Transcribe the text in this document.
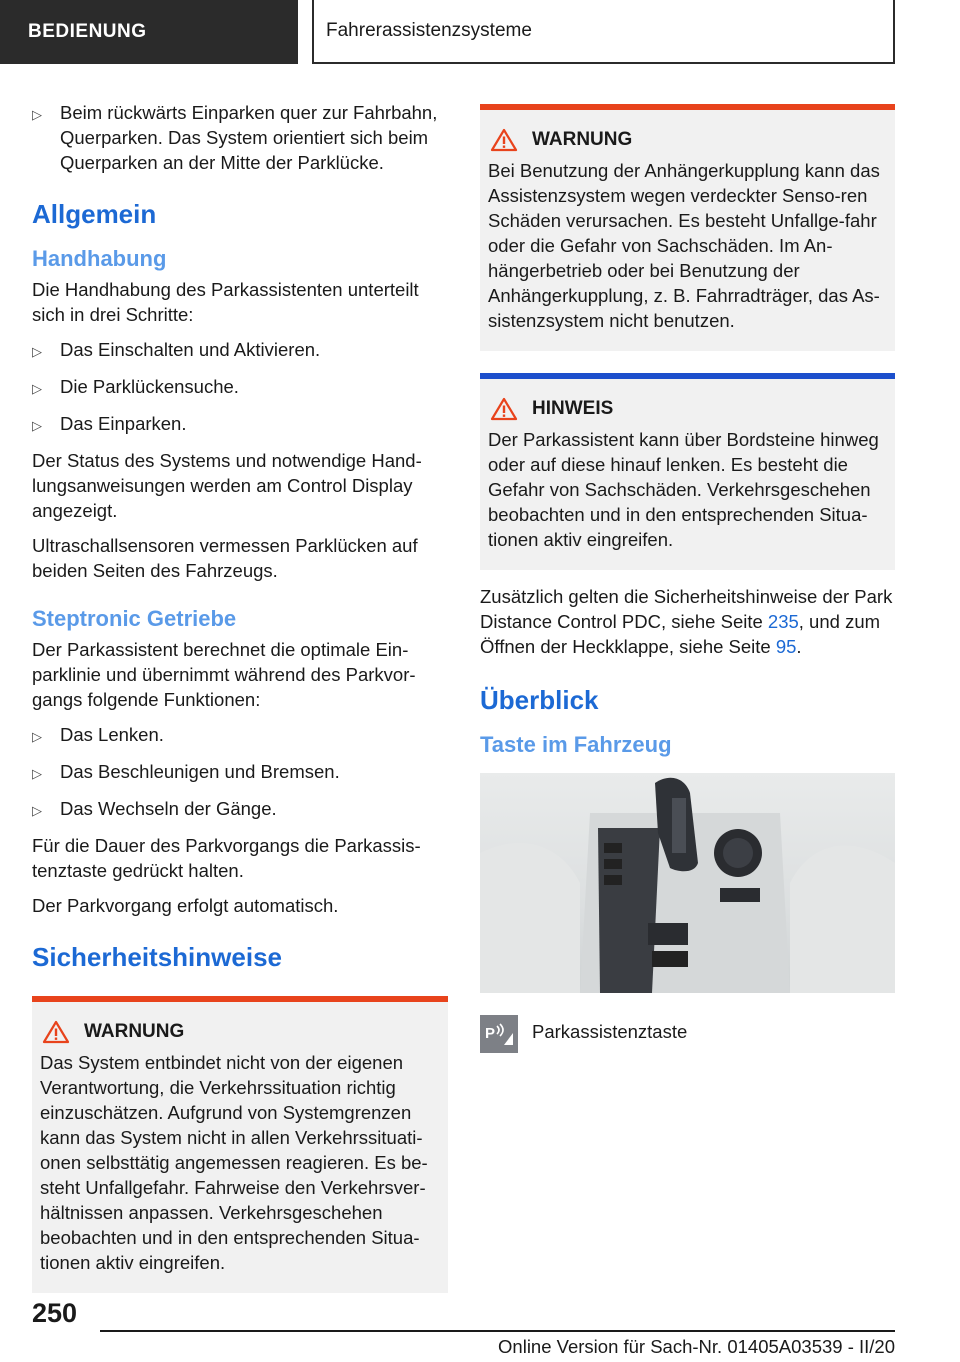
BEDIENUNG	Fahrerassistenzsysteme
▷ Beim rückwärts Einparken quer zur Fahrbahn, Querparken. Das System orientiert sich beim Querparken an der Mitte der Parklücke.
Allgemein
Handhabung

Die Handhabung des Parkassistenten unterteilt sich in drei Schritte:

▷ Das Einschalten und Aktivieren.
▷ Die Parklückensuche.
▷ Das Einparken.

Der Status des Systems und notwendige Hand-lungsanweisungen werden am Control Display angezeigt.

Ultraschallsensoren vermessen Parklücken auf beiden Seiten des Fahrzeugs.

Steptronic Getriebe

Der Parkassistent berechnet die optimale Ein-parklinie und übernimmt während des Parkvor-gangs folgende Funktionen:

▷ Das Lenken.
▷ Das Beschleunigen und Bremsen.
▷ Das Wechseln der Gänge.

Für die Dauer des Parkvorgangs die Parkassis-tenztaste gedrückt halten.

Der Parkvorgang erfolgt automatisch.

Sicherheitshinweise
WARNUNG

Das System entbindet nicht von der eigenen Verantwortung, die Verkehrssituation richtig einzuschätzen. Aufgrund von Systemgrenzen kann das System nicht in allen Verkehrssituati-onen selbsttätig angemessen reagieren. Es be-steht Unfallgefahr. Fahrweise den Verkehrsver-hältnissen anpassen. Verkehrsgeschehen beobachten und in den entsprechenden Situa-tionen aktiv eingreifen.

WARNUNG

Bei Benutzung der Anhängerkupplung kann das Assistenzsystem wegen verdeckter Senso-ren Schäden verursachen. Es besteht Unfallge-fahr oder die Gefahr von Sachschäden. Im An-hängerbetrieb oder bei Benutzung der Anhängerkupplung, z. B. Fahrradträger, das As-sistenzsystem nicht benutzen.

HINWEIS

Der Parkassistent kann über Bordsteine hinweg oder auf diese hinauf lenken. Es besteht die Gefahr von Sachschäden. Verkehrsgeschehen beobachten und in den entsprechenden Situa-tionen aktiv eingreifen.

Zusätzlich gelten die Sicherheitshinweise der Park Distance Control PDC, siehe Seite 235, und zum Öffnen der Heckklappe, siehe Seite 95.

Überblick
Taste im Fahrzeug
P Parkassistenztaste

250
Online Version für Sach-Nr. 01405A03539 - II/20
